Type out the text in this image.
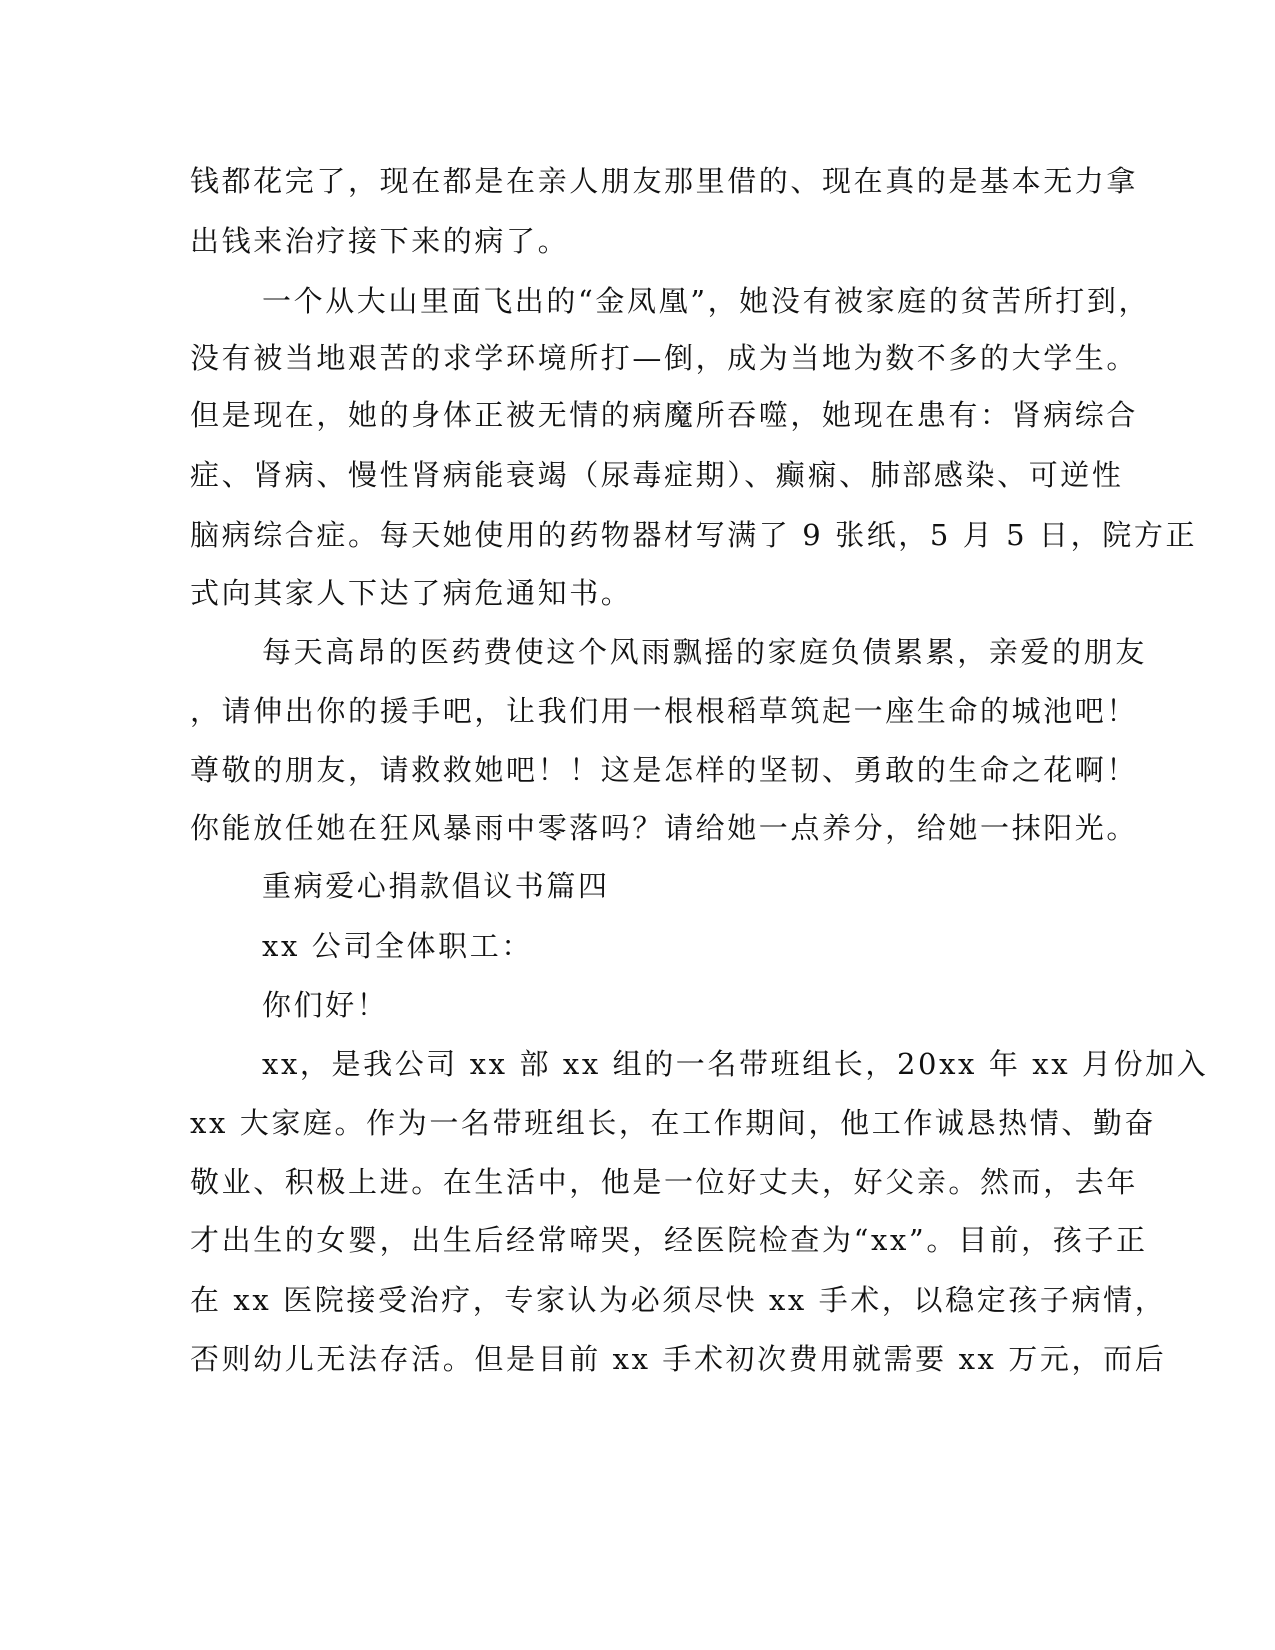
钱都花完了，现在都是在亲人朋友那里借的、现在真的是基本无力拿
出钱来治疗接下来的病了。
一个从大山里面飞出的“金凤凰”，她没有被家庭的贫苦所打到，
没有被当地艰苦的求学环境所打—倒，成为当地为数不多的大学生。
但是现在，她的身体正被无情的病魔所吞噬，她现在患有：肾病综合
症、肾病、慢性肾病能衰竭（尿毒症期）、癫痫、肺部感染、可逆性
脑病综合症。每天她使用的药物器材写满了 9 张纸，5 月 5 日，院方正
式向其家人下达了病危通知书。
每天高昂的医药费使这个风雨飘摇的家庭负债累累，亲爱的朋友
，请伸出你的援手吧，让我们用一根根稻草筑起一座生命的城池吧！
尊敬的朋友，请救救她吧！！这是怎样的坚韧、勇敢的生命之花啊！
你能放任她在狂风暴雨中零落吗？请给她一点养分，给她一抹阳光。
重病爱心捐款倡议书篇四
xx 公司全体职工：
你们好！
xx，是我公司 xx 部 xx 组的一名带班组长，20xx 年 xx 月份加入
xx 大家庭。作为一名带班组长，在工作期间，他工作诚恳热情、勤奋
敬业、积极上进。在生活中，他是一位好丈夫，好父亲。然而，去年
才出生的女婴，出生后经常啼哭，经医院检查为“xx”。目前，孩子正
在 xx 医院接受治疗，专家认为必须尽快 xx 手术，以稳定孩子病情，
否则幼儿无法存活。但是目前 xx 手术初次费用就需要 xx 万元，而后
